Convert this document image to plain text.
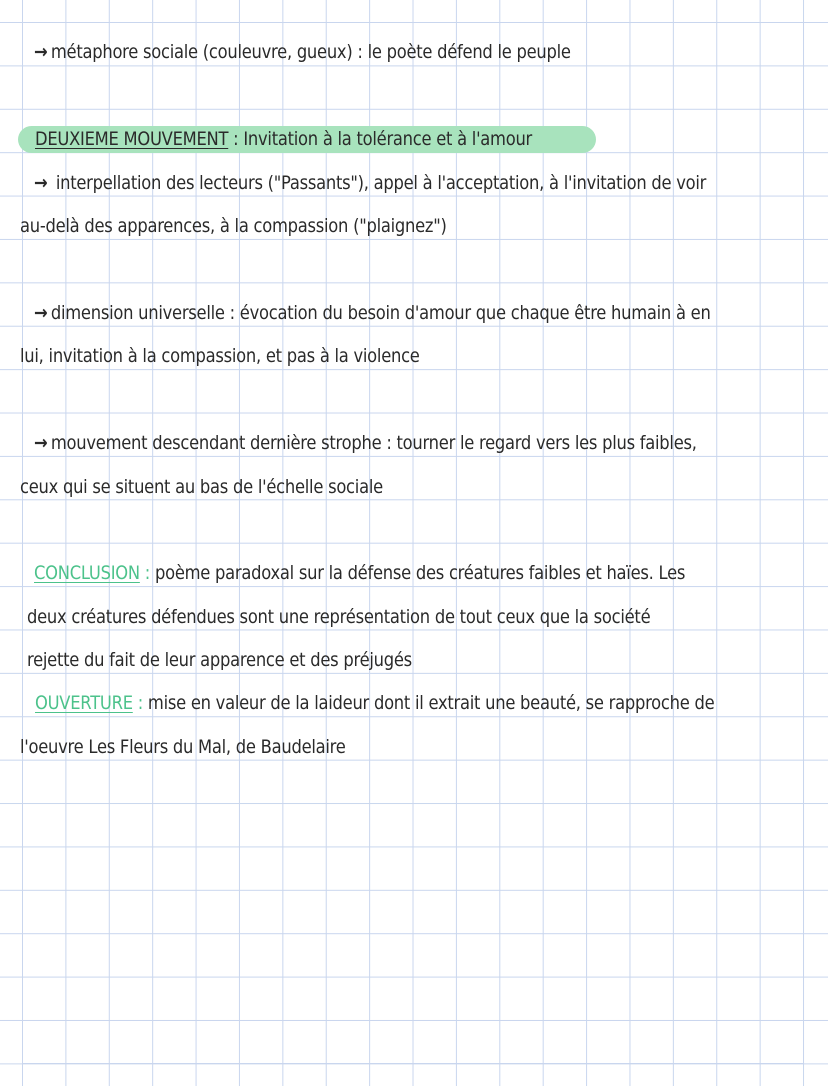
→ métaphore sociale (couleuvre, gueux) : le poète défend le peuple
DEUXIEME MOUVEMENT : Invitation à la tolérance et à l'amour
→ interpellation des lecteurs ("Passants"), appel à l'acceptation, à l'invitation de voir
au-delà des apparences, à la compassion ("plaignez")
→ dimension universelle : évocation du besoin d'amour que chaque être humain à en
lui, invitation à la compassion, et pas à la violence
→ mouvement descendant dernière strophe : tourner le regard vers les plus faibles,
ceux qui se situent au bas de l'échelle sociale
CONCLUSION : poème paradoxal sur la défense des créatures faibles et haïes. Les
deux créatures défendues sont une représentation de tout ceux que la société
rejette du fait de leur apparence et des préjugés
OUVERTURE : mise en valeur de la laideur dont il extrait une beauté, se rapproche de
l'oeuvre Les Fleurs du Mal, de Baudelaire
